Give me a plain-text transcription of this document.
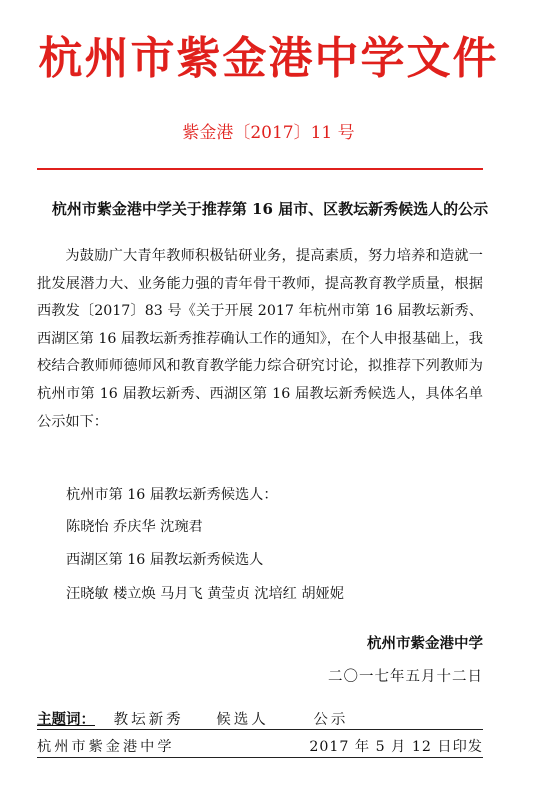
杭州市紫金港中学文件
紫金港〔2017〕11 号
杭州市紫金港中学关于推荐第 16 届市、区教坛新秀候选人的公示

为鼓励广大青年教师积极钻研业务，提高素质，努力培养和造就一批发展潜力大、业务能力强的青年骨干教师，提高教育教学质量，根据西教发〔2017〕83 号《关于开展 2017 年杭州市第 16 届教坛新秀、西湖区第 16 届教坛新秀推荐确认工作的通知》，在个人申报基础上，我校结合教师师德师风和教育教学能力综合研究讨论，拟推荐下列教师为杭州市第 16 届教坛新秀、西湖区第 16 届教坛新秀候选人，具体名单公示如下：

杭州市第 16 届教坛新秀候选人：
陈晓怡 乔庆华 沈琬君
西湖区第 16 届教坛新秀候选人
汪晓敏 楼立焕 马月飞 黄莹贞 沈培红 胡娅妮
杭州市紫金港中学
二〇一七年五月十二日
主题词： 教坛新秀 候选人	公示
杭州市紫金港中学	2017 年 5 月 12 日印发
